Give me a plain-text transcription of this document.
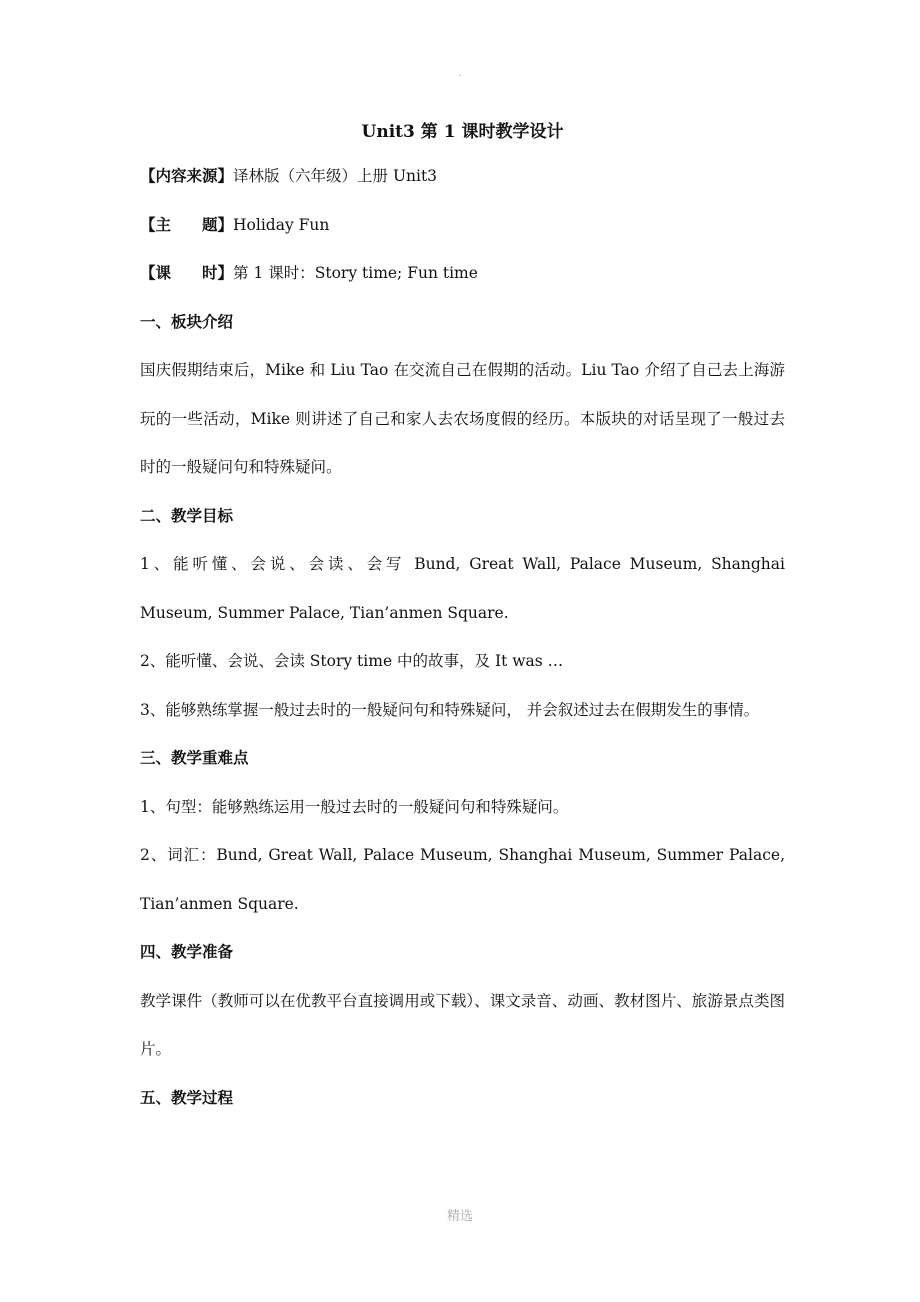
.
Unit3 第 1 课时教学设计
【内容来源】译林版（六年级）上册 Unit3
【主　　题】Holiday Fun
【课　　时】第 1 课时：Story time; Fun time
一、板块介绍
国庆假期结束后，Mike 和 Liu Tao 在交流自己在假期的活动。Liu Tao 介绍了自己去上海游玩的一些活动，Mike 则讲述了自己和家人去农场度假的经历。本版块的对话呈现了一般过去时的一般疑问句和特殊疑问。
二、教学目标
1、能听懂、会说、会读、会写 Bund, Great Wall, Palace Museum, Shanghai Museum, Summer Palace, Tian’anmen Square.
2、能听懂、会说、会读 Story time 中的故事，及 It was …
3、能够熟练掌握一般过去时的一般疑问句和特殊疑问， 并会叙述过去在假期发生的事情。
三、教学重难点
1、句型：能够熟练运用一般过去时的一般疑问句和特殊疑问。
2、词汇：Bund, Great Wall, Palace Museum, Shanghai Museum, Summer Palace, Tian’anmen Square.
四、教学准备
教学课件（教师可以在优教平台直接调用或下载）、课文录音、动画、教材图片、旅游景点类图片。
五、教学过程
精选
